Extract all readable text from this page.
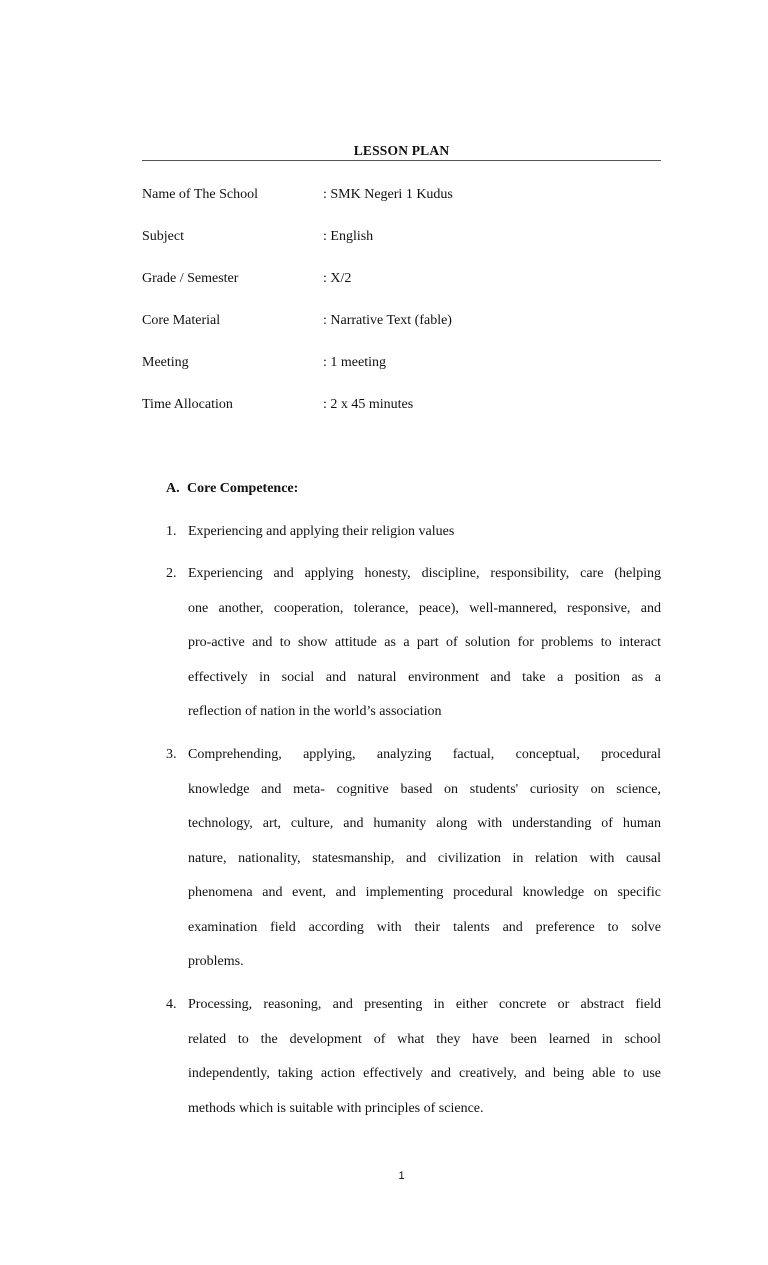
LESSON PLAN
Name of The School	: SMK Negeri 1 Kudus
Subject	: English
Grade / Semester	: X/2
Core Material	: Narrative Text (fable)
Meeting	: 1 meeting
Time Allocation	: 2 x 45 minutes
A. Core Competence:
1. Experiencing and applying their religion values
2. Experiencing and applying honesty, discipline, responsibility, care (helping
one another, cooperation, tolerance, peace), well-mannered, responsive, and
pro-active and to show attitude as a part of solution for problems to interact
effectively in social and natural environment and take a position as a
reflection of nation in the world’s association
3. Comprehending, applying, analyzing factual, conceptual, procedural
knowledge and meta- cognitive based on students' curiosity on science,
technology, art, culture, and humanity along with understanding of human
nature, nationality, statesmanship, and civilization in relation with causal
phenomena and event, and implementing procedural knowledge on specific
examination field according with their talents and preference to solve
problems.
4. Processing, reasoning, and presenting in either concrete or abstract field
related to the development of what they have been learned in school
independently, taking action effectively and creatively, and being able to use
methods which is suitable with principles of science.
1
